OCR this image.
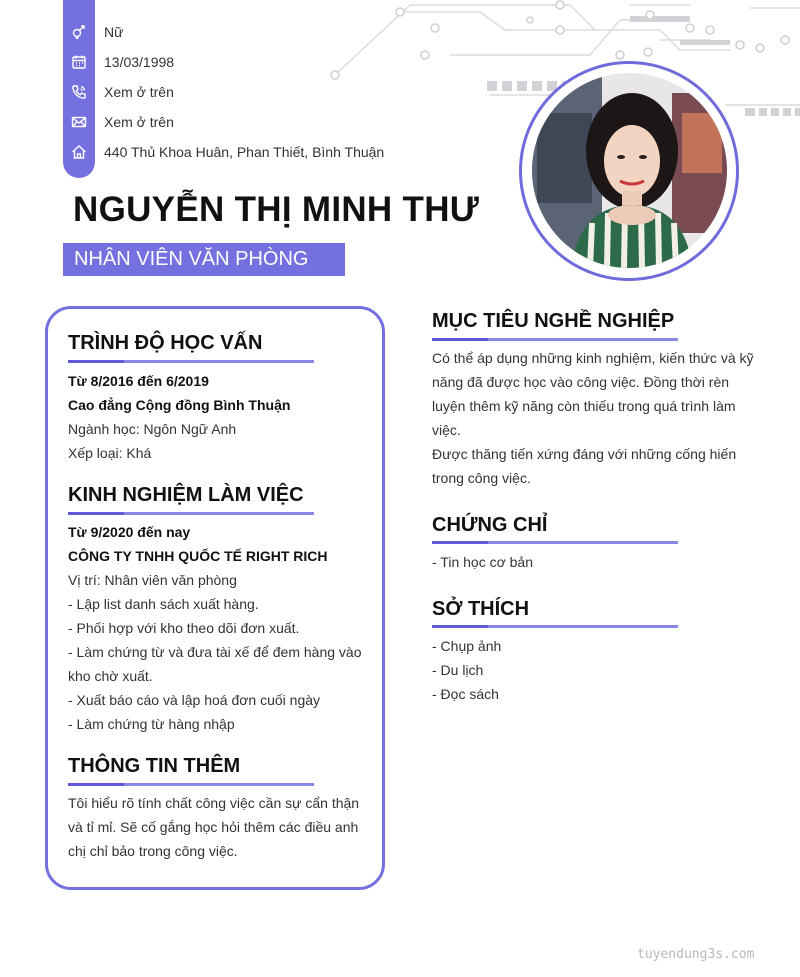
Nữ
13/03/1998
Xem ở trên
Xem ở trên
440 Thủ Khoa Huân, Phan Thiết, Bình Thuận
NGUYỄN THỊ MINH THƯ
NHÂN VIÊN VĂN PHÒNG
TRÌNH ĐỘ HỌC VẤN
Từ 8/2016 đến 6/2019
Cao đẳng Cộng đồng Bình Thuận
Ngành học: Ngôn Ngữ Anh
Xếp loại: Khá
KINH NGHIỆM LÀM VIỆC
Từ 9/2020 đến nay
CÔNG TY TNHH QUỐC TẾ RIGHT RICH
Vị trí: Nhân viên văn phòng
- Lập list danh sách xuất hàng.
- Phối hợp với kho theo dõi đơn xuất.
- Làm chứng từ và đưa tài xế để đem hàng vào
kho chờ xuất.
- Xuất báo cáo và lập hoá đơn cuối ngày
- Làm chứng từ hàng nhập
THÔNG TIN THÊM
Tôi hiểu rõ tính chất công việc cần sự cẩn thận
và tỉ mỉ. Sẽ cố gắng học hỏi thêm các điều anh
chị chỉ bảo trong công việc.
MỤC TIÊU NGHỀ NGHIỆP
Có thể áp dụng những kinh nghiệm, kiến thức và kỹ
năng đã được học vào công việc. Đồng thời rèn
luyện thêm kỹ năng còn thiếu trong quá trình làm
việc.
Được thăng tiến xứng đáng với những cống hiến
trong công việc.
CHỨNG CHỈ
- Tin học cơ bản
SỞ THÍCH
- Chụp ảnh
- Du lịch
- Đọc sách
tuyendung3s.com
